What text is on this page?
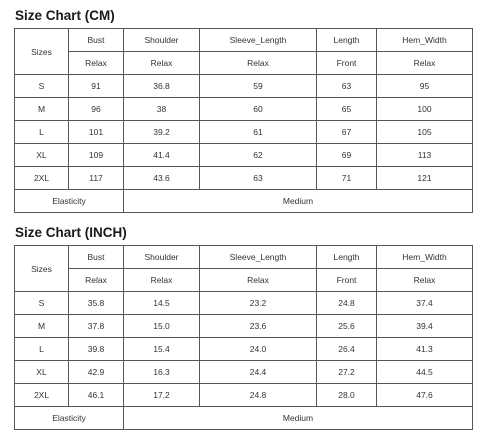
Size Chart (CM)
Sizes	Bust	Shoulder	Sleeve_Length	Length	Hem_Width
	Relax	Relax	Relax	Front	Relax
S	91	36.8	59	63	95
M	96	38	60	65	100
L	101	39.2	61	67	105
XL	109	41.4	62	69	113
2XL	117	43.6	63	71	121
Elasticity		Medium			
Size Chart (INCH)
Sizes	Bust	Shoulder	Sleeve_Length	Length	Hem_Width
	Relax	Relax	Relax	Front	Relax
S	35.8	14.5	23.2	24.8	37.4
M	37.8	15.0	23.6	25.6	39.4
L	39.8	15.4	24.0	26.4	41.3
XL	42.9	16.3	24.4	27.2	44.5
2XL	46.1	17.2	24.8	28.0	47.6
Elasticity		Medium			
